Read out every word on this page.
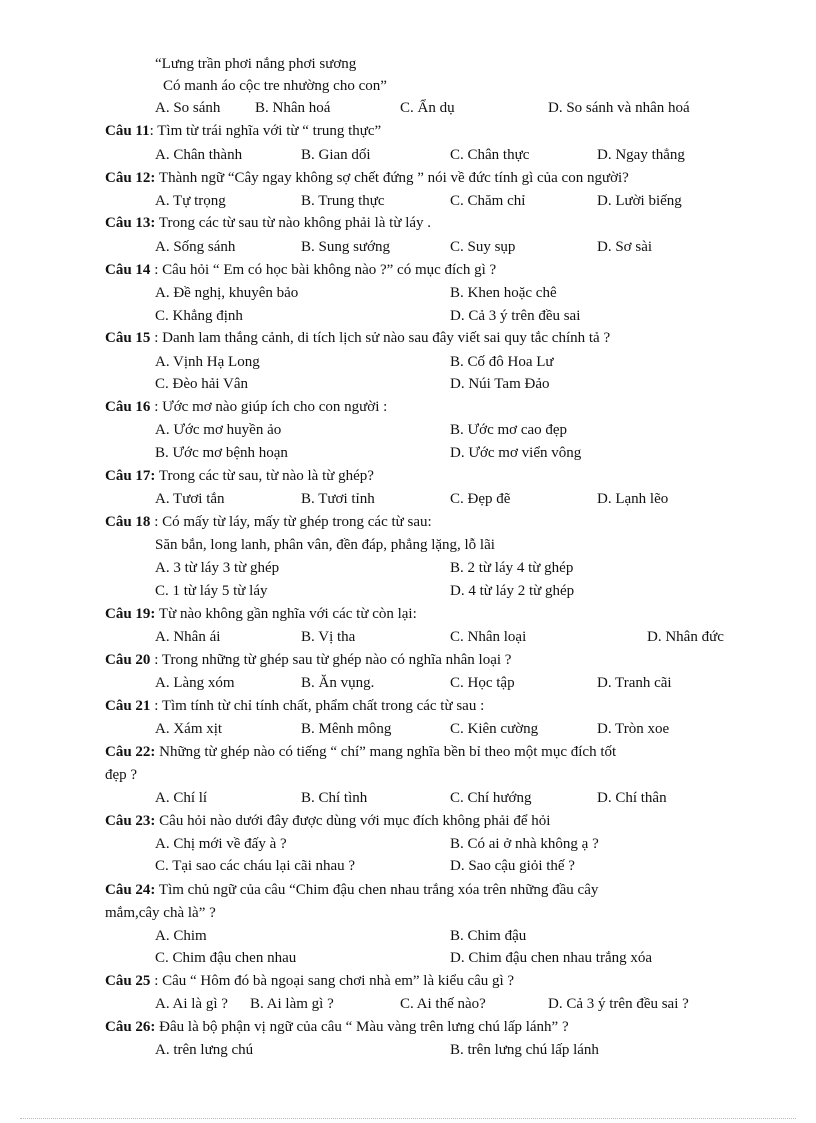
“Lưng trần phơi nắng phơi sương
Có manh áo cộc tre nhường cho con”
A. So sánh B. Nhân hoá	C. Ẩn dụ	D. So sánh và nhân hoá
Câu 11: Tìm từ trái nghĩa với từ “ trung thực”
A. Chân thành	B. Gian dối	C. Chân thực	D. Ngay thẳng
Câu 12: Thành ngữ “Cây ngay không sợ chết đứng ” nói về đức tính gì của con người?
A. Tự trọng	B. Trung thực	C. Chăm chỉ	D. Lười biếng
Câu 13: Trong các từ sau từ nào không phải là từ láy .
A. Sống sánh	B. Sung sướng	C. Suy sụp	D. Sơ sài
Câu 14 : Câu hỏi “ Em có học bài không nào ?” có mục đích gì ?
A. Đề nghị, khuyên bảo	B. Khen hoặc chê
C. Khẳng định	D. Cả 3 ý trên đều sai
Câu 15 : Danh lam thắng cảnh, di tích lịch sử nào sau đây viết sai quy tắc chính tả ?
A. Vịnh Hạ Long	B. Cố đô Hoa Lư
C. Đèo hải Vân	D. Núi Tam Đảo
Câu 16 : Ước mơ nào giúp ích cho con người :
A. Ước mơ huyền ảo	B. Ước mơ cao đẹp
B. Ước mơ bệnh hoạn	D. Ước mơ viển vông
Câu 17: Trong các từ sau, từ nào là từ ghép?
A. Tươi tắn	B. Tươi tỉnh	C. Đẹp đẽ	D. Lạnh lẽo
Câu 18 : Có mấy từ láy, mấy từ ghép trong các từ sau:
Săn bắn, long lanh, phân vân, đền đáp, phẳng lặng, lỗ lãi
A. 3 từ láy 3 từ ghép	B. 2 từ láy 4 từ ghép
C. 1 từ láy 5 từ láy	D. 4 từ láy 2 từ ghép
Câu 19: Từ nào không gần nghĩa với các từ còn lại:
A. Nhân ái	B. Vị tha	C. Nhân loại	D. Nhân đức
Câu 20 : Trong những từ ghép sau từ ghép nào có nghĩa nhân loại ?
A. Làng xóm	B. Ăn vụng.	C. Học tập	D. Tranh cãi
Câu 21 : Tìm tính từ chỉ tính chất, phẩm chất trong các từ sau :
A. Xám xịt	B. Mênh mông	C. Kiên cường	D. Tròn xoe
Câu 22: Những từ ghép nào có tiếng “ chí” mang nghĩa bền bỉ theo một mục đích tốt
đẹp ?
A. Chí lí	B. Chí tình	C. Chí hướng	D. Chí thân
Câu 23: Câu hỏi nào dưới đây được dùng với mục đích không phải để hỏi
A. Chị mới về đấy à ?	B. Có ai ở nhà không ạ ?
C. Tại sao các cháu lại cãi nhau ?	D. Sao cậu giỏi thế ?
Câu 24: Tìm chủ ngữ của câu “Chim đậu chen nhau trắng xóa trên những đầu cây
mắm,cây chà là” ?
A. Chim	B. Chim đậu
C. Chim đậu chen nhau	D. Chim đậu chen nhau trắng xóa
Câu 25 : Câu “ Hôm đó bà ngoại sang chơi nhà em” là kiểu câu gì ?
A. Ai là gì ? B. Ai làm gì ?	C. Ai thế nào?	D. Cả 3 ý trên đều sai ?
Câu 26: Đâu là bộ phận vị ngữ của câu “ Màu vàng trên lưng chú lấp lánh” ?
A. trên lưng chú	B. trên lưng chú lấp lánh
